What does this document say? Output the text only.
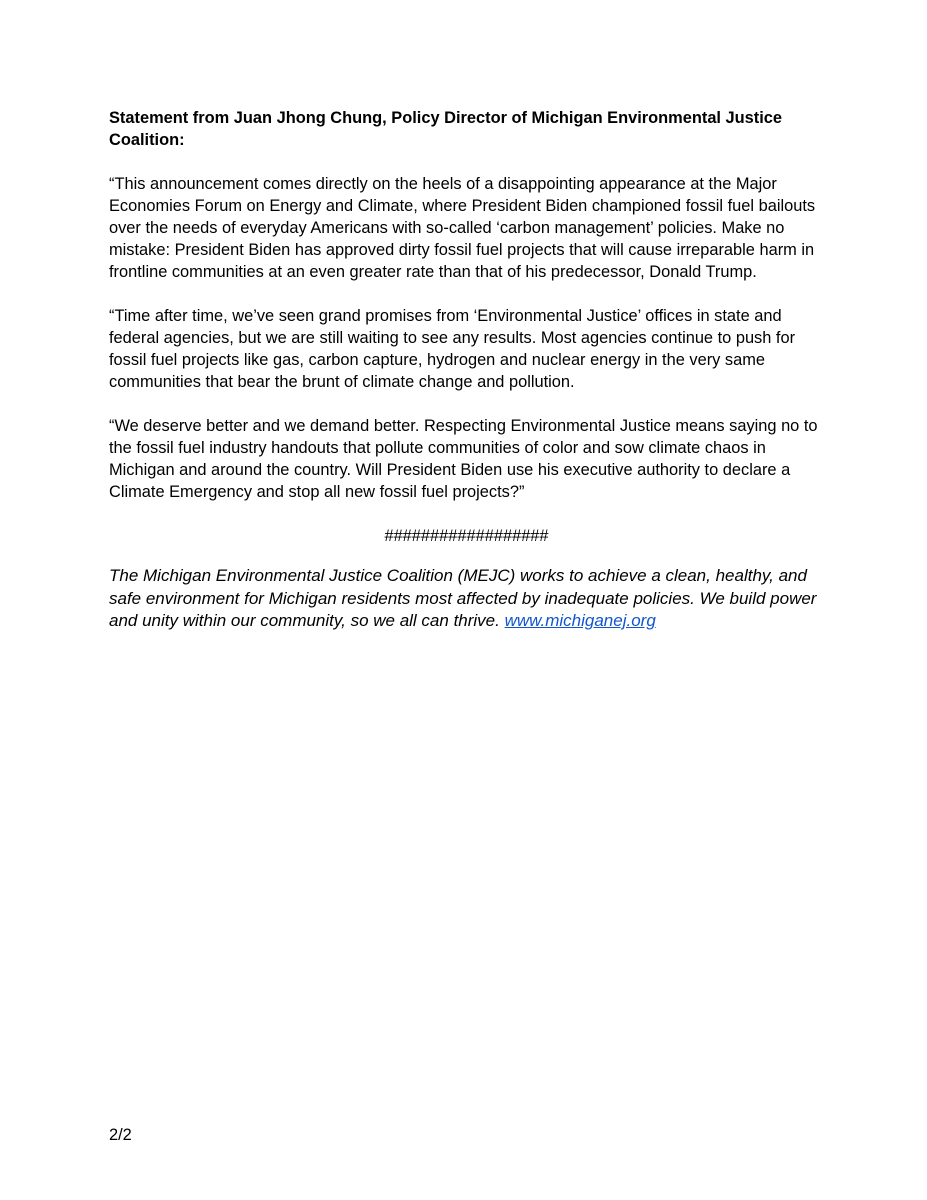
Statement from Juan Jhong Chung, Policy Director of Michigan Environmental Justice Coalition:

“This announcement comes directly on the heels of a disappointing appearance at the Major Economies Forum on Energy and Climate, where President Biden championed fossil fuel bailouts over the needs of everyday Americans with so-called ‘carbon management’ policies. Make no mistake: President Biden has approved dirty fossil fuel projects that will cause irreparable harm in frontline communities at an even greater rate than that of his predecessor, Donald Trump.

“Time after time, we’ve seen grand promises from ‘Environmental Justice’ offices in state and federal agencies, but we are still waiting to see any results. Most agencies continue to push for fossil fuel projects like gas, carbon capture, hydrogen and nuclear energy in the very same communities that bear the brunt of climate change and pollution.

“We deserve better and we demand better. Respecting Environmental Justice means saying no to the fossil fuel industry handouts that pollute communities of color and sow climate chaos in Michigan and around the country. Will President Biden use his executive authority to declare a Climate Emergency and stop all new fossil fuel projects?”

##################

The Michigan Environmental Justice Coalition (MEJC) works to achieve a clean, healthy, and safe environment for Michigan residents most affected by inadequate policies. We build power and unity within our community, so we all can thrive. www.michiganej.org

2/2
